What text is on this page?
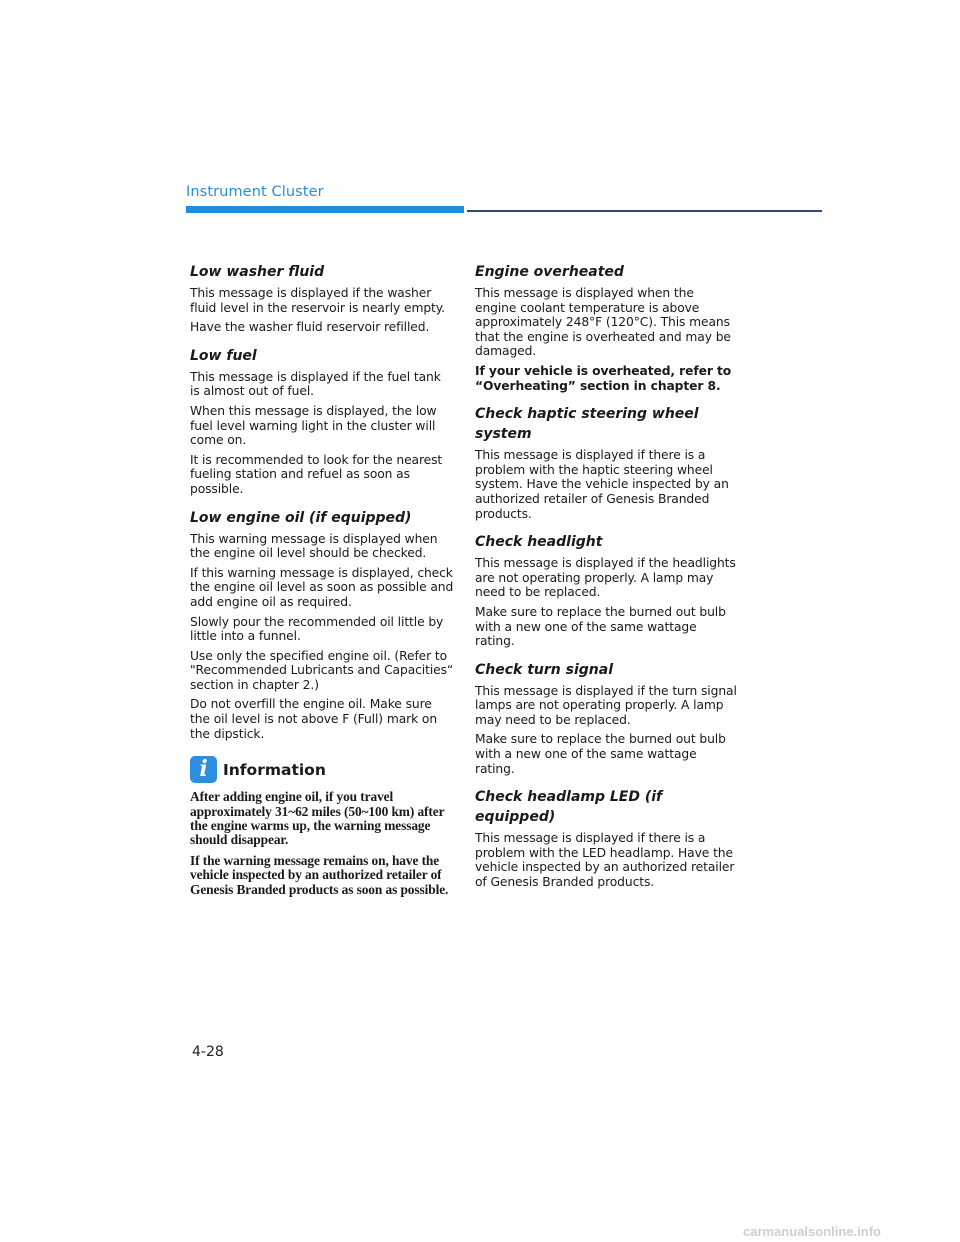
Instrument Cluster
Low washer fluid

This message is displayed if the washer fluid level in the reservoir is nearly empty.

Have the washer fluid reservoir refilled.

Low fuel

This message is displayed if the fuel tank is almost out of fuel.

When this message is displayed, the low fuel level warning light in the cluster will come on.

It is recommended to look for the nearest fueling station and refuel as soon as possible.

Low engine oil (if equipped)

This warning message is displayed when the engine oil level should be checked.

If this warning message is displayed, check the engine oil level as soon as possible and add engine oil as required.

Slowly pour the recommended oil little by little into a funnel.

Use only the specified engine oil. (Refer to "Recommended Lubricants and Capacities“ section in chapter 2.)

Do not overfill the engine oil. Make sure the oil level is not above F (Full) mark on the dipstick.

i Information

After adding engine oil, if you travel approximately 31~62 miles (50~100 km) after the engine warms up, the warning message should disappear.

If the warning message remains on, have the vehicle inspected by an authorized retailer of Genesis Branded products as soon as possible.

Engine overheated

This message is displayed when the engine coolant temperature is above approximately 248°F (120°C). This means that the engine is overheated and may be damaged.

If your vehicle is overheated, refer to “Overheating” section in chapter 8.

Check haptic steering wheel system

This message is displayed if there is a problem with the haptic steering wheel system. Have the vehicle inspected by an authorized retailer of Genesis Branded products.

Check headlight

This message is displayed if the headlights are not operating properly. A lamp may need to be replaced.

Make sure to replace the burned out bulb with a new one of the same wattage rating.

Check turn signal

This message is displayed if the turn signal lamps are not operating properly. A lamp may need to be replaced.

Make sure to replace the burned out bulb with a new one of the same wattage rating.

Check headlamp LED (if equipped)

This message is displayed if there is a problem with the LED headlamp. Have the vehicle inspected by an authorized retailer of Genesis Branded products.

4-28
carmanualsonline.info
